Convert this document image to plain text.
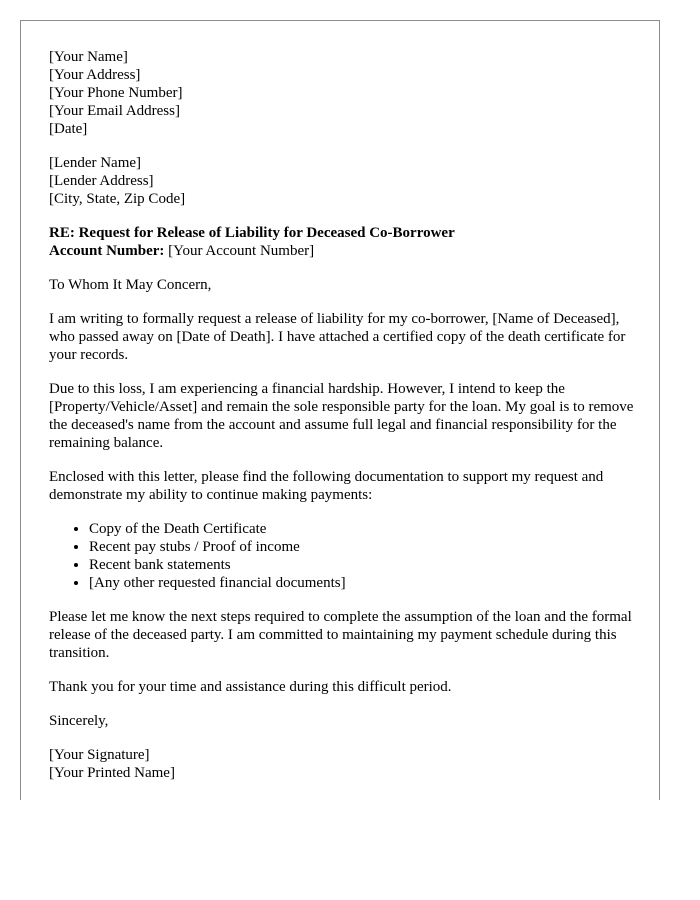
[Your Name]
[Your Address]
[Your Phone Number]
[Your Email Address]
[Date]
[Lender Name]
[Lender Address]
[City, State, Zip Code]
RE: Request for Release of Liability for Deceased Co-Borrower
Account Number: [Your Account Number]

To Whom It May Concern,

I am writing to formally request a release of liability for my co-borrower, [Name of Deceased], who passed away on [Date of Death]. I have attached a certified copy of the death certificate for your records.

Due to this loss, I am experiencing a financial hardship. However, I intend to keep the [Property/Vehicle/Asset] and remain the sole responsible party for the loan. My goal is to remove the deceased's name from the account and assume full legal and financial responsibility for the remaining balance.

Enclosed with this letter, please find the following documentation to support my request and demonstrate my ability to continue making payments:

• Copy of the Death Certificate
• Recent pay stubs / Proof of income
• Recent bank statements
• [Any other requested financial documents]

Please let me know the next steps required to complete the assumption of the loan and the formal release of the deceased party. I am committed to maintaining my payment schedule during this transition.

Thank you for your time and assistance during this difficult period.

Sincerely,

[Your Signature]
[Your Printed Name]
